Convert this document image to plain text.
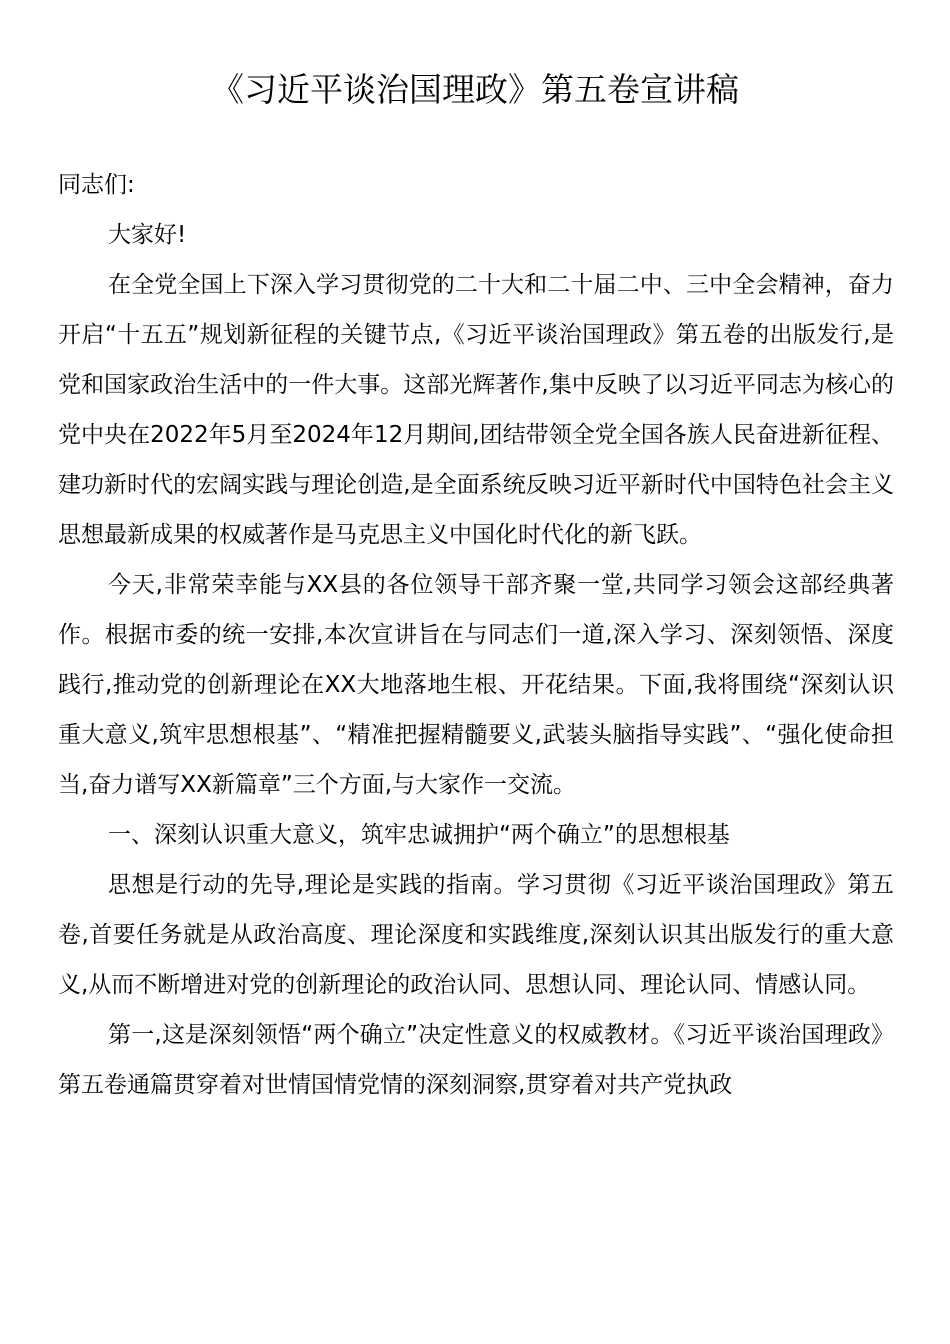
《习近平谈治国理政》第五卷宣讲稿

同志们:

大家好!

在全党全国上下深入学习贯彻党的二十大和二十届二中、三中全会精神，奋力开启“十五五”规划新征程的关键节点,《习近平谈治国理政》第五卷的出版发行,是党和国家政治生活中的一件大事。这部光辉著作,集中反映了以习近平同志为核心的党中央在2022年5月至2024年12月期间,团结带领全党全国各族人民奋进新征程、建功新时代的宏阔实践与理论创造,是全面系统反映习近平新时代中国特色社会主义思想最新成果的权威著作是马克思主义中国化时代化的新飞跃。

今天,非常荣幸能与XX县的各位领导干部齐聚一堂,共同学习领会这部经典著作。根据市委的统一安排,本次宣讲旨在与同志们一道,深入学习、深刻领悟、深度践行,推动党的创新理论在XX大地落地生根、开花结果。下面,我将围绕“深刻认识重大意义,筑牢思想根基”、“精准把握精髓要义,武装头脑指导实践”、“强化使命担当,奋力谱写XX新篇章”三个方面,与大家作一交流。

一、深刻认识重大意义，筑牢忠诚拥护“两个确立”的思想根基

思想是行动的先导,理论是实践的指南。学习贯彻《习近平谈治国理政》第五卷,首要任务就是从政治高度、理论深度和实践维度,深刻认识其出版发行的重大意义,从而不断增进对党的创新理论的政治认同、思想认同、理论认同、情感认同。

第一,这是深刻领悟“两个确立”决定性意义的权威教材。《习近平谈治国理政》第五卷通篇贯穿着对世情国情党情的深刻洞察,贯穿着对共产党执政
